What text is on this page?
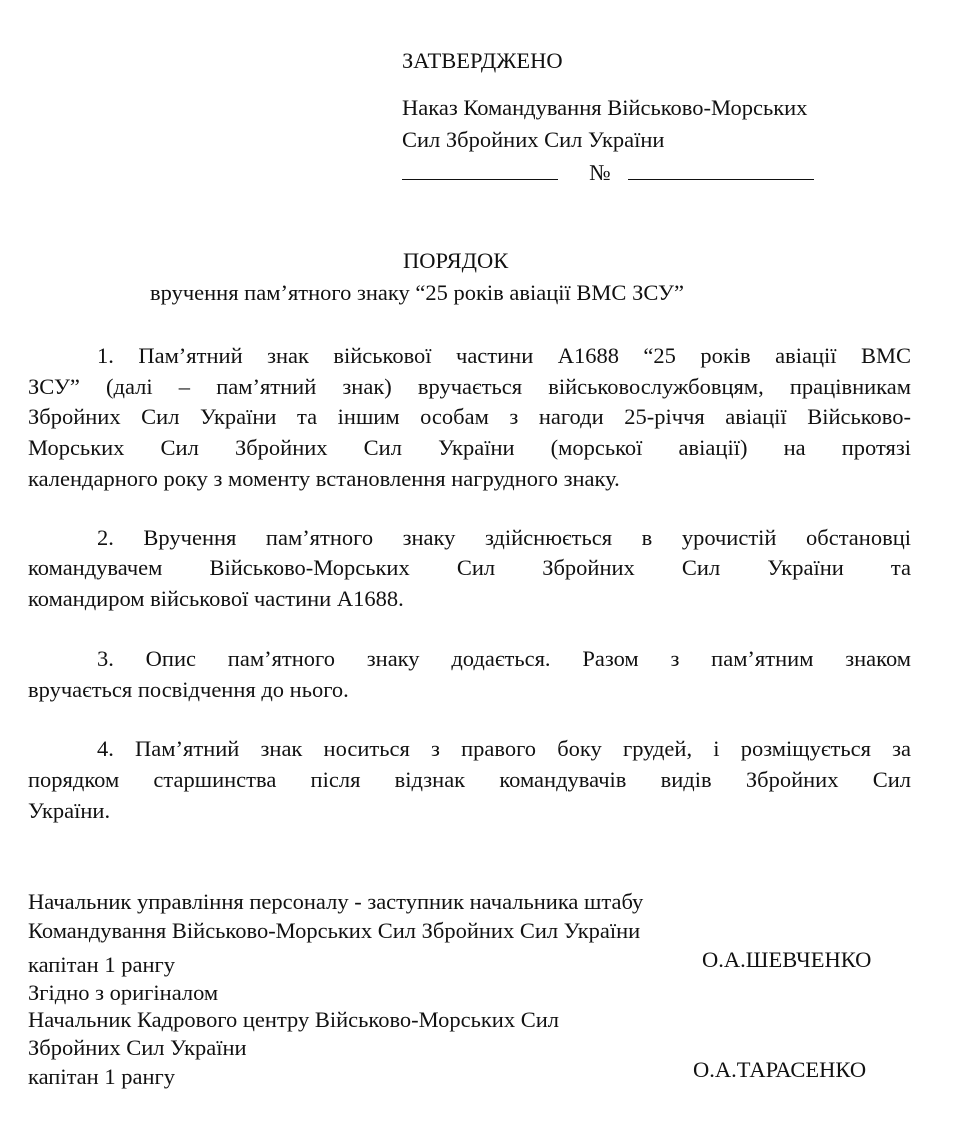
ЗАТВЕРДЖЕНО
Наказ Командування Військово-Морських
Сил Збройних Сил України
№
ПОРЯДОК
вручення пам’ятного знаку “25 років авіації ВМС ЗСУ”
1. Пам’ятний знак військової частини А1688 “25 років авіації ВМС
ЗСУ” (далі – пам’ятний знак) вручається військовослужбовцям, працівникам
Збройних Сил України та іншим особам з нагоди 25-річчя авіації Військово-
Морських Сил Збройних Сил України (морської авіації) на протязі
календарного року з моменту встановлення нагрудного знаку.
2. Вручення пам’ятного знаку здійснюється в урочистій обстановці
командувачем Військово-Морських Сил Збройних Сил України та
командиром військової частини А1688.
3. Опис пам’ятного знаку додається. Разом з пам’ятним знаком
вручається посвідчення до нього.
4. Пам’ятний знак носиться з правого боку грудей, і розміщується за
порядком старшинства після відзнак командувачів видів Збройних Сил
України.
Начальник управління персоналу - заступник начальника штабу
Командування Військово-Морських Сил Збройних Сил України
капітан 1 рангу	О.А.ШЕВЧЕНКО
Згідно з оригіналом
Начальник Кадрового центру Військово-Морських Сил
Збройних Сил України
капітан 1 рангу	О.А.ТАРАСЕНКО
